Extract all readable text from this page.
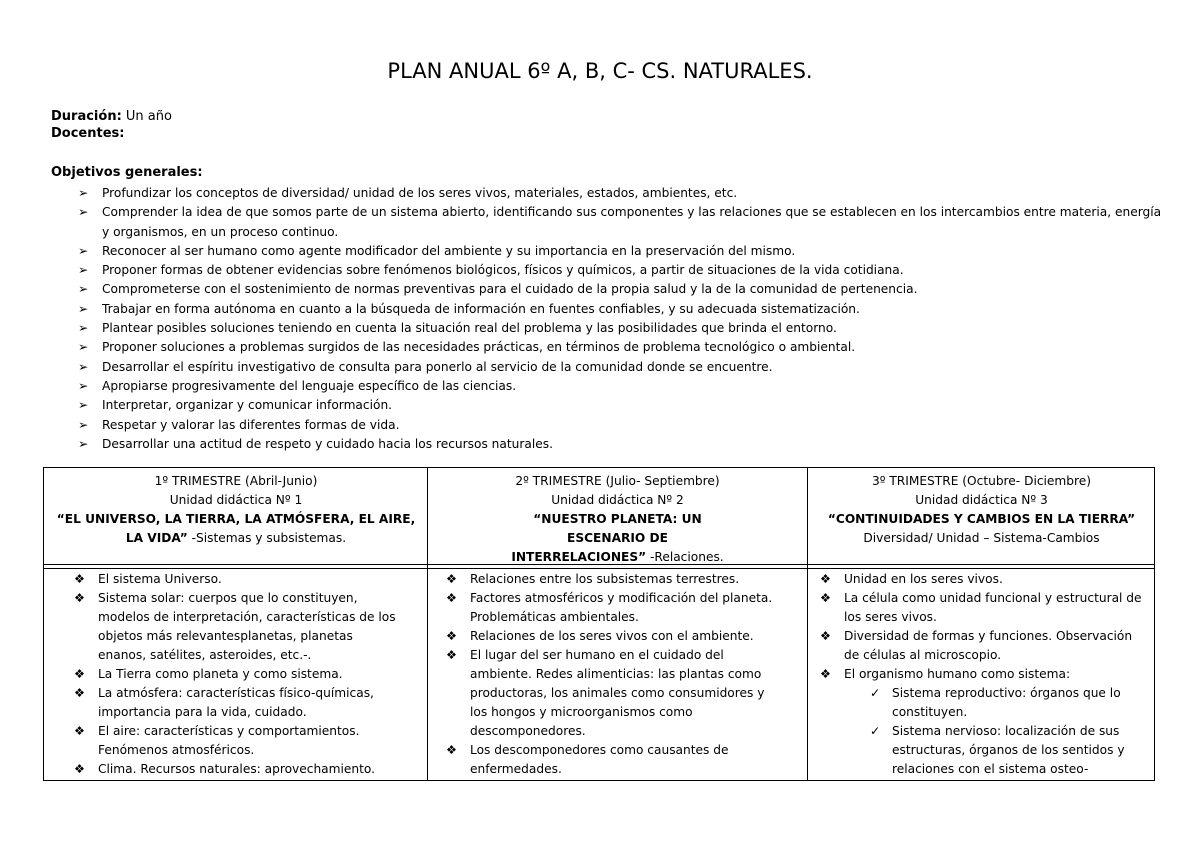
PLAN ANUAL 6º A, B, C- CS. NATURALES.
Duración: Un año
Docentes:
Objetivos generales:
➢ Profundizar los conceptos de diversidad/ unidad de los seres vivos, materiales, estados, ambientes, etc.
➢ Comprender la idea de que somos parte de un sistema abierto, identificando sus componentes y las relaciones que se establecen en los intercambios entre materia, energía y organismos, en un proceso continuo.
➢ Reconocer al ser humano como agente modificador del ambiente y su importancia en la preservación del mismo.
➢ Proponer formas de obtener evidencias sobre fenómenos biológicos, físicos y químicos, a partir de situaciones de la vida cotidiana.
➢ Comprometerse con el sostenimiento de normas preventivas para el cuidado de la propia salud y la de la comunidad de pertenencia.
➢ Trabajar en forma autónoma en cuanto a la búsqueda de información en fuentes confiables, y su adecuada sistematización.
➢ Plantear posibles soluciones teniendo en cuenta la situación real del problema y las posibilidades que brinda el entorno.
➢ Proponer soluciones a problemas surgidos de las necesidades prácticas, en términos de problema tecnológico o ambiental.
➢ Desarrollar el espíritu investigativo de consulta para ponerlo al servicio de la comunidad donde se encuentre.
➢ Apropiarse progresivamente del lenguaje específico de las ciencias.
➢ Interpretar, organizar y comunicar información.
➢ Respetar y valorar las diferentes formas de vida.
➢ Desarrollar una actitud de respeto y cuidado hacia los recursos naturales.
1º TRIMESTRE (Abril-Junio)
Unidad didáctica Nº 1
“EL UNIVERSO, LA TIERRA, LA ATMÓSFERA, EL AIRE, LA VIDA” -Sistemas y subsistemas.
❖ El sistema Universo.
❖ Sistema solar: cuerpos que lo constituyen, modelos de interpretación, características de los objetos más relevantesplanetas, planetas enanos, satélites, asteroides, etc.-.
❖ La Tierra como planeta y como sistema.
❖ La atmósfera: características físico-químicas, importancia para la vida, cuidado.
❖ El aire: características y comportamientos. Fenómenos atmosféricos.
❖ Clima. Recursos naturales: aprovechamiento.
2º TRIMESTRE (Julio- Septiembre)
Unidad didáctica Nº 2
“NUESTRO PLANETA: UN ESCENARIO DE INTERRELACIONES” -Relaciones.
❖ Relaciones entre los subsistemas terrestres.
❖ Factores atmosféricos y modificación del planeta. Problemáticas ambientales.
❖ Relaciones de los seres vivos con el ambiente.
❖ El lugar del ser humano en el cuidado del ambiente. Redes alimenticias: las plantas como productoras, los animales como consumidores y los hongos y microorganismos como descomponedores.
❖ Los descomponedores como causantes de enfermedades.
3º TRIMESTRE (Octubre- Diciembre)
Unidad didáctica Nº 3
“CONTINUIDADES Y CAMBIOS EN LA TIERRA”
Diversidad/ Unidad – Sistema-Cambios
❖ Unidad en los seres vivos.
❖ La célula como unidad funcional y estructural de los seres vivos.
❖ Diversidad de formas y funciones. Observación de células al microscopio.
❖ El organismo humano como sistema:
✓ Sistema reproductivo: órganos que lo constituyen.
✓ Sistema nervioso: localización de sus estructuras, órganos de los sentidos y relaciones con el sistema osteo-
